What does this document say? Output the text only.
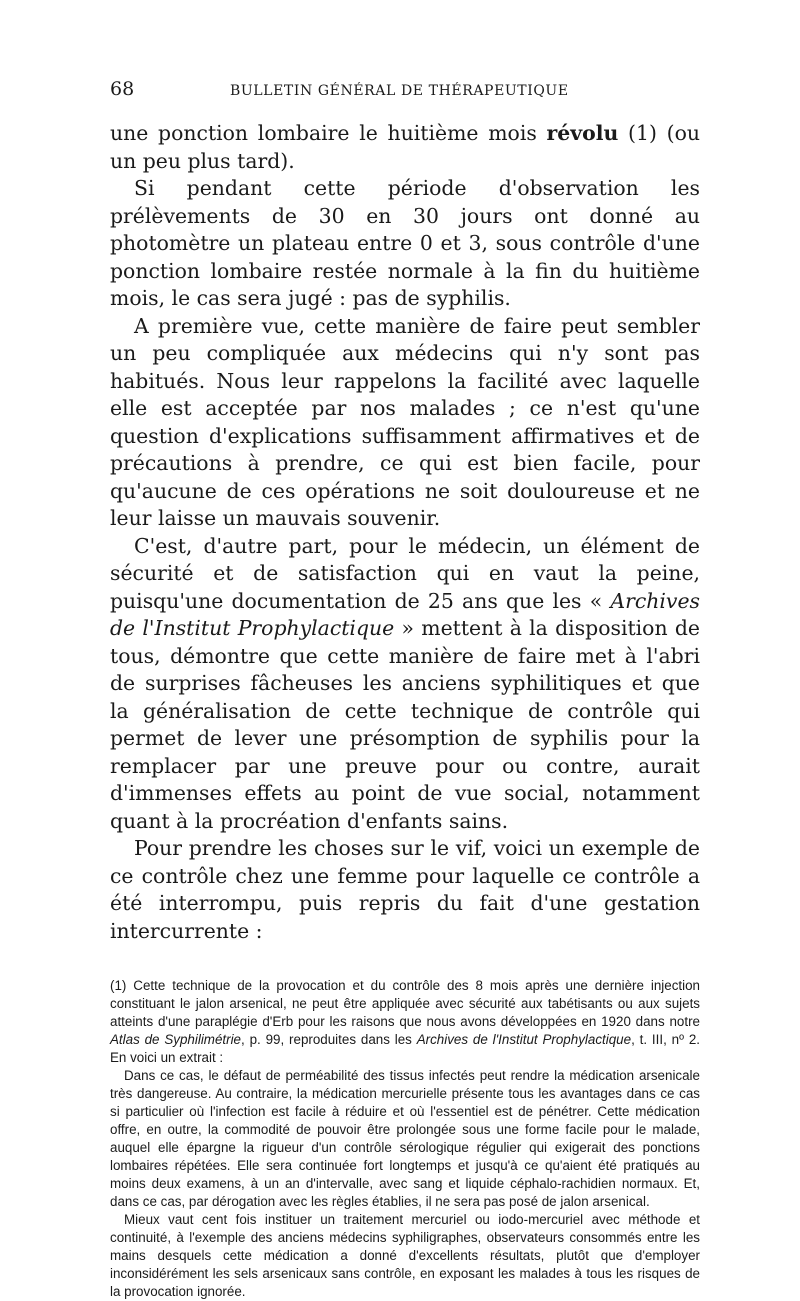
68	BULLETIN GÉNÉRAL DE THÉRAPEUTIQUE

une ponction lombaire le huitième mois révolu (1) (ou un peu plus tard).

Si pendant cette période d'observation les prélèvements de 30 en 30 jours ont donné au photomètre un plateau entre 0 et 3, sous contrôle d'une ponction lombaire restée normale à la fin du huitième mois, le cas sera jugé : pas de syphilis.

A première vue, cette manière de faire peut sembler un peu compliquée aux médecins qui n'y sont pas habitués. Nous leur rappelons la facilité avec laquelle elle est acceptée par nos malades ; ce n'est qu'une question d'explications suffisamment affirmatives et de précautions à prendre, ce qui est bien facile, pour qu'aucune de ces opérations ne soit douloureuse et ne leur laisse un mauvais souvenir.

C'est, d'autre part, pour le médecin, un élément de sécurité et de satisfaction qui en vaut la peine, puisqu'une documentation de 25 ans que les « Archives de l'Institut Prophylactique » mettent à la disposition de tous, démontre que cette manière de faire met à l'abri de surprises fâcheuses les anciens syphilitiques et que la généralisation de cette technique de contrôle qui permet de lever une présomption de syphilis pour la remplacer par une preuve pour ou contre, aurait d'immenses effets au point de vue social, notamment quant à la procréation d'enfants sains.

Pour prendre les choses sur le vif, voici un exemple de ce contrôle chez une femme pour laquelle ce contrôle a été interrompu, puis repris du fait d'une gestation intercurrente :

(1) Cette technique de la provocation et du contrôle des 8 mois après une dernière injection constituant le jalon arsenical, ne peut être appliquée avec sécurité aux tabétisants ou aux sujets atteints d'une paraplégie d'Erb pour les raisons que nous avons développées en 1920 dans notre Atlas de Syphilimétrie, p. 99, reproduites dans les Archives de l'Institut Prophylactique, t. III, nº 2. En voici un extrait :

Dans ce cas, le défaut de perméabilité des tissus infectés peut rendre la médication arsenicale très dangereuse. Au contraire, la médication mercurielle présente tous les avantages dans ce cas si particulier où l'infection est facile à réduire et où l'essentiel est de pénétrer. Cette médication offre, en outre, la commodité de pouvoir être prolongée sous une forme facile pour le malade, auquel elle épargne la rigueur d'un contrôle sérologique régulier qui exigerait des ponctions lombaires répétées. Elle sera continuée fort longtemps et jusqu'à ce qu'aient été pratiqués au moins deux examens, à un an d'intervalle, avec sang et liquide céphalo-rachidien normaux. Et, dans ce cas, par dérogation avec les règles établies, il ne sera pas posé de jalon arsenical.

Mieux vaut cent fois instituer un traitement mercuriel ou iodo-mercuriel avec méthode et continuité, à l'exemple des anciens médecins syphiligraphes, observateurs consommés entre les mains desquels cette médication a donné d'excellents résultats, plutôt que d'employer inconsidérément les sels arsenicaux sans contrôle, en exposant les malades à tous les risques de la provocation ignorée.
